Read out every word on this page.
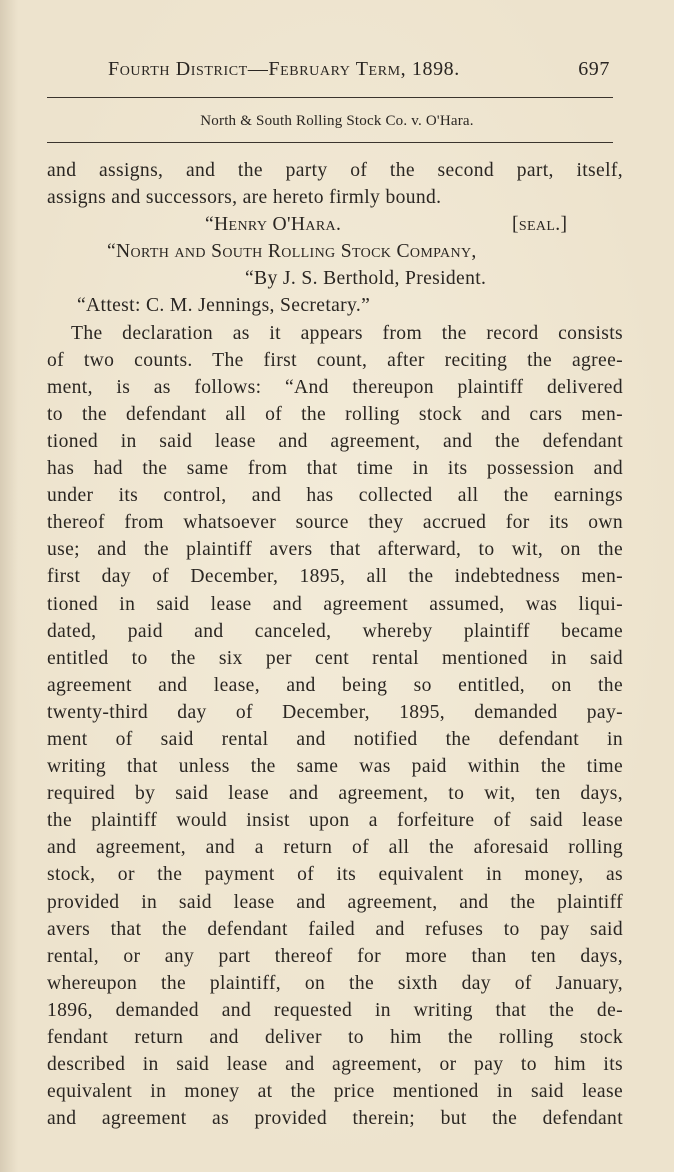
Fourth District—February Term, 1898.	697
North & South Rolling Stock Co. v. O'Hara.
and assigns, and the party of the second part, itself,
assigns and successors, are hereto firmly bound.
“Henry O'Hara.	[seal.]
“North and South Rolling Stock Company,
“By J. S. Berthold, President.
“Attest: C. M. Jennings, Secretary.”
The declaration as it appears from the record consists
of two counts. The first count, after reciting the agree-
ment, is as follows: “And thereupon plaintiff delivered
to the defendant all of the rolling stock and cars men-
tioned in said lease and agreement, and the defendant
has had the same from that time in its possession and
under its control, and has collected all the earnings
thereof from whatsoever source they accrued for its own
use; and the plaintiff avers that afterward, to wit, on the
first day of December, 1895, all the indebtedness men-
tioned in said lease and agreement assumed, was liqui-
dated, paid and canceled, whereby plaintiff became
entitled to the six per cent rental mentioned in said
agreement and lease, and being so entitled, on the
twenty-third day of December, 1895, demanded pay-
ment of said rental and notified the defendant in
writing that unless the same was paid within the time
required by said lease and agreement, to wit, ten days,
the plaintiff would insist upon a forfeiture of said lease
and agreement, and a return of all the aforesaid rolling
stock, or the payment of its equivalent in money, as
provided in said lease and agreement, and the plaintiff
avers that the defendant failed and refuses to pay said
rental, or any part thereof for more than ten days,
whereupon the plaintiff, on the sixth day of January,
1896, demanded and requested in writing that the de-
fendant return and deliver to him the rolling stock
described in said lease and agreement, or pay to him its
equivalent in money at the price mentioned in said lease
and agreement as provided therein; but the defendant
